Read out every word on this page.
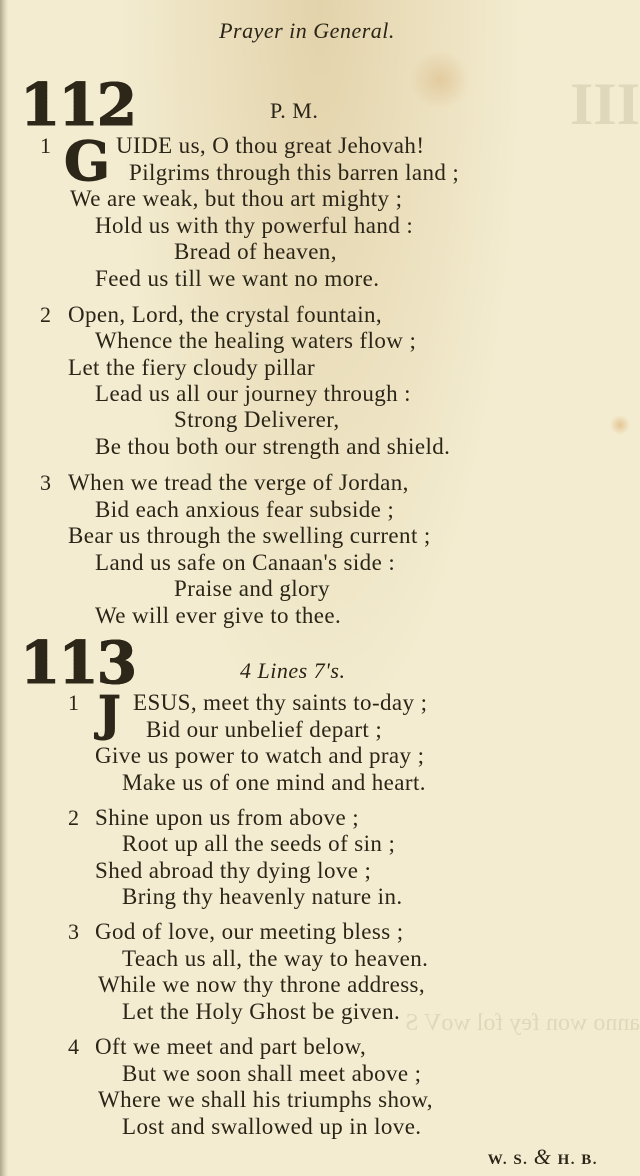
III
anno won fey fol woV S
Prayer in General.
112	P. M.
1 G UIDE us, O thou great Jehovah!
Pilgrims through this barren land ;
We are weak, but thou art mighty ;
Hold us with thy powerful hand :
Bread of heaven,
Feed us till we want no more.
2 Open, Lord, the crystal fountain,
Whence the healing waters flow ;
Let the fiery cloudy pillar
Lead us all our journey through :
Strong Deliverer,
Be thou both our strength and shield.
3 When we tread the verge of Jordan,
Bid each anxious fear subside ;
Bear us through the swelling current ;
Land us safe on Canaan's side :
Praise and glory
We will ever give to thee.
113	4 Lines 7's.
1 J ESUS, meet thy saints to-day ;
Bid our unbelief depart ;
Give us power to watch and pray ;
Make us of one mind and heart.
2 Shine upon us from above ;
Root up all the seeds of sin ;
Shed abroad thy dying love ;
Bring thy heavenly nature in.
3 God of love, our meeting bless ;
Teach us all, the way to heaven.
While we now thy throne address,
Let the Holy Ghost be given.
4 Oft we meet and part below,
But we soon shall meet above ;
Where we shall his triumphs show,
Lost and swallowed up in love.
W. S. & H. B.
